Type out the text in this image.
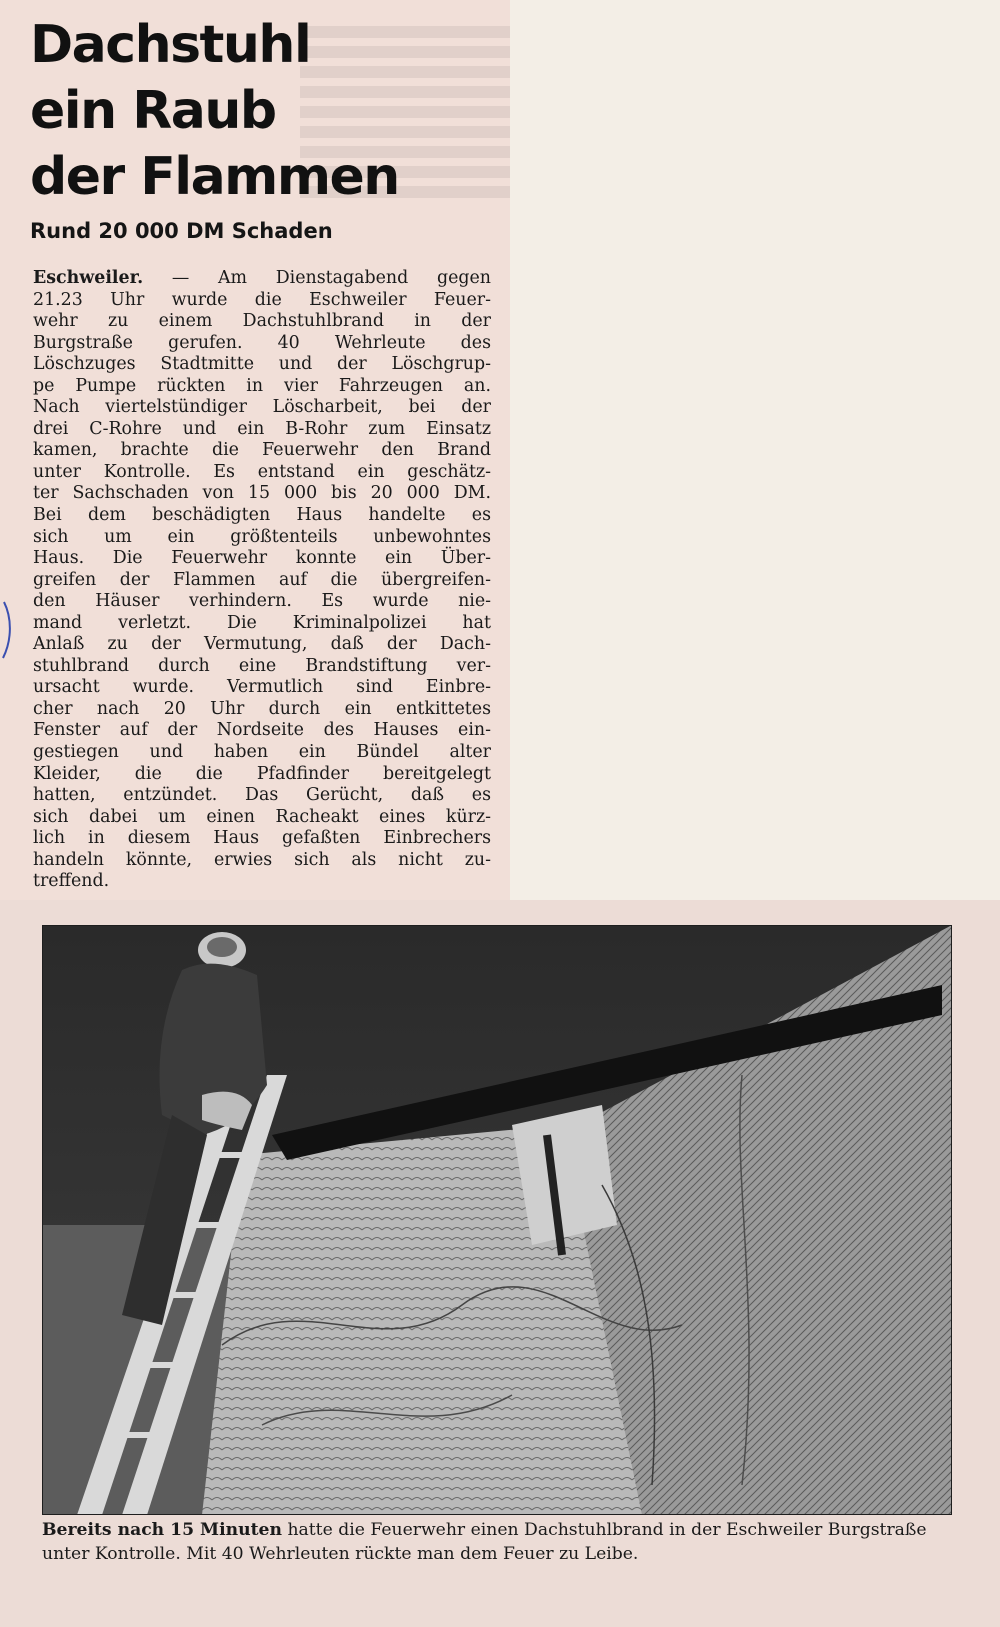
Dachstuhl
ein Raub
der Flammen
Rund 20 000 DM Schaden
Eschweiler. — Am Dienstagabend gegen
21.23 Uhr wurde die Eschweiler Feuer-
wehr zu einem Dachstuhlbrand in der
Burgstraße gerufen. 40 Wehrleute des
Löschzuges Stadtmitte und der Löschgrup-
pe Pumpe rückten in vier Fahrzeugen an.
Nach viertelstündiger Löscharbeit, bei der
drei C-Rohre und ein B-Rohr zum Einsatz
kamen, brachte die Feuerwehr den Brand
unter Kontrolle. Es entstand ein geschätz-
ter Sachschaden von 15 000 bis 20 000 DM.
Bei dem beschädigten Haus handelte es
sich um ein größtenteils unbewohntes
Haus. Die Feuerwehr konnte ein Über-
greifen der Flammen auf die übergreifen-
den Häuser verhindern. Es wurde nie-
mand verletzt. Die Kriminalpolizei hat
Anlaß zu der Vermutung, daß der Dach-
stuhlbrand durch eine Brandstiftung ver-
ursacht wurde. Vermutlich sind Einbre-
cher nach 20 Uhr durch ein entkittetes
Fenster auf der Nordseite des Hauses ein-
gestiegen und haben ein Bündel alter
Kleider, die die Pfadfinder bereitgelegt
hatten, entzündet. Das Gerücht, daß es
sich dabei um einen Racheakt eines kürz-
lich in diesem Haus gefaßten Einbrechers
handeln könnte, erwies sich als nicht zu-
treffend.

Bereits nach 15 Minuten hatte die Feuerwehr einen Dachstuhlbrand in der Eschweiler Burgstraße unter Kontrolle. Mit 40 Wehrleuten rückte man dem Feuer zu Leibe.
